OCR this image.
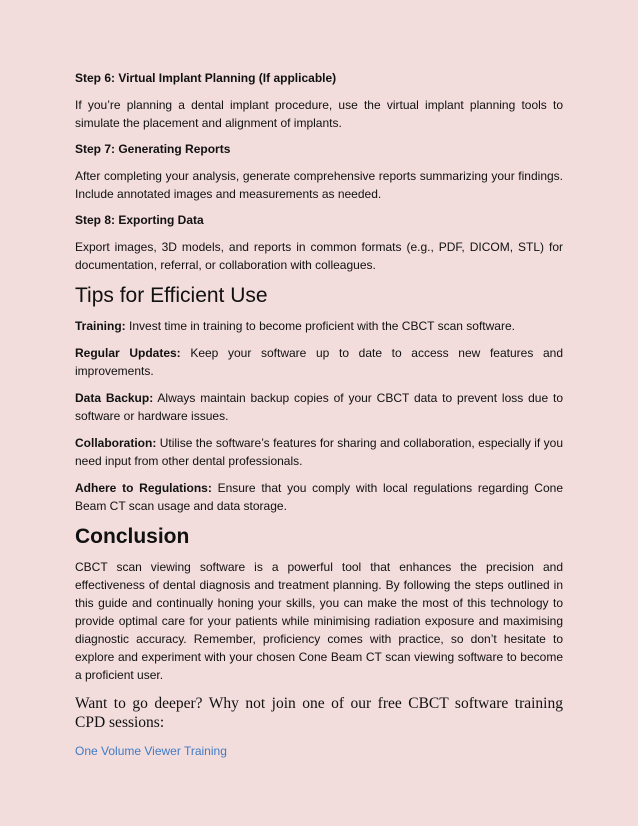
Step 6: Virtual Implant Planning (If applicable)

If you’re planning a dental implant procedure, use the virtual implant planning tools to simulate the placement and alignment of implants.

Step 7: Generating Reports

After completing your analysis, generate comprehensive reports summarizing your findings. Include annotated images and measurements as needed.

Step 8: Exporting Data

Export images, 3D models, and reports in common formats (e.g., PDF, DICOM, STL) for documentation, referral, or collaboration with colleagues.

Tips for Efficient Use

Training: Invest time in training to become proficient with the CBCT scan software.

Regular Updates: Keep your software up to date to access new features and improvements.

Data Backup: Always maintain backup copies of your CBCT data to prevent loss due to software or hardware issues.

Collaboration: Utilise the software’s features for sharing and collaboration, especially if you need input from other dental professionals.

Adhere to Regulations: Ensure that you comply with local regulations regarding Cone Beam CT scan usage and data storage.

Conclusion

CBCT scan viewing software is a powerful tool that enhances the precision and effectiveness of dental diagnosis and treatment planning. By following the steps outlined in this guide and continually honing your skills, you can make the most of this technology to provide optimal care for your patients while minimising radiation exposure and maximising diagnostic accuracy. Remember, proficiency comes with practice, so don’t hesitate to explore and experiment with your chosen Cone Beam CT scan viewing software to become a proficient user.

Want to go deeper? Why not join one of our free CBCT software training CPD sessions:

One Volume Viewer Training
